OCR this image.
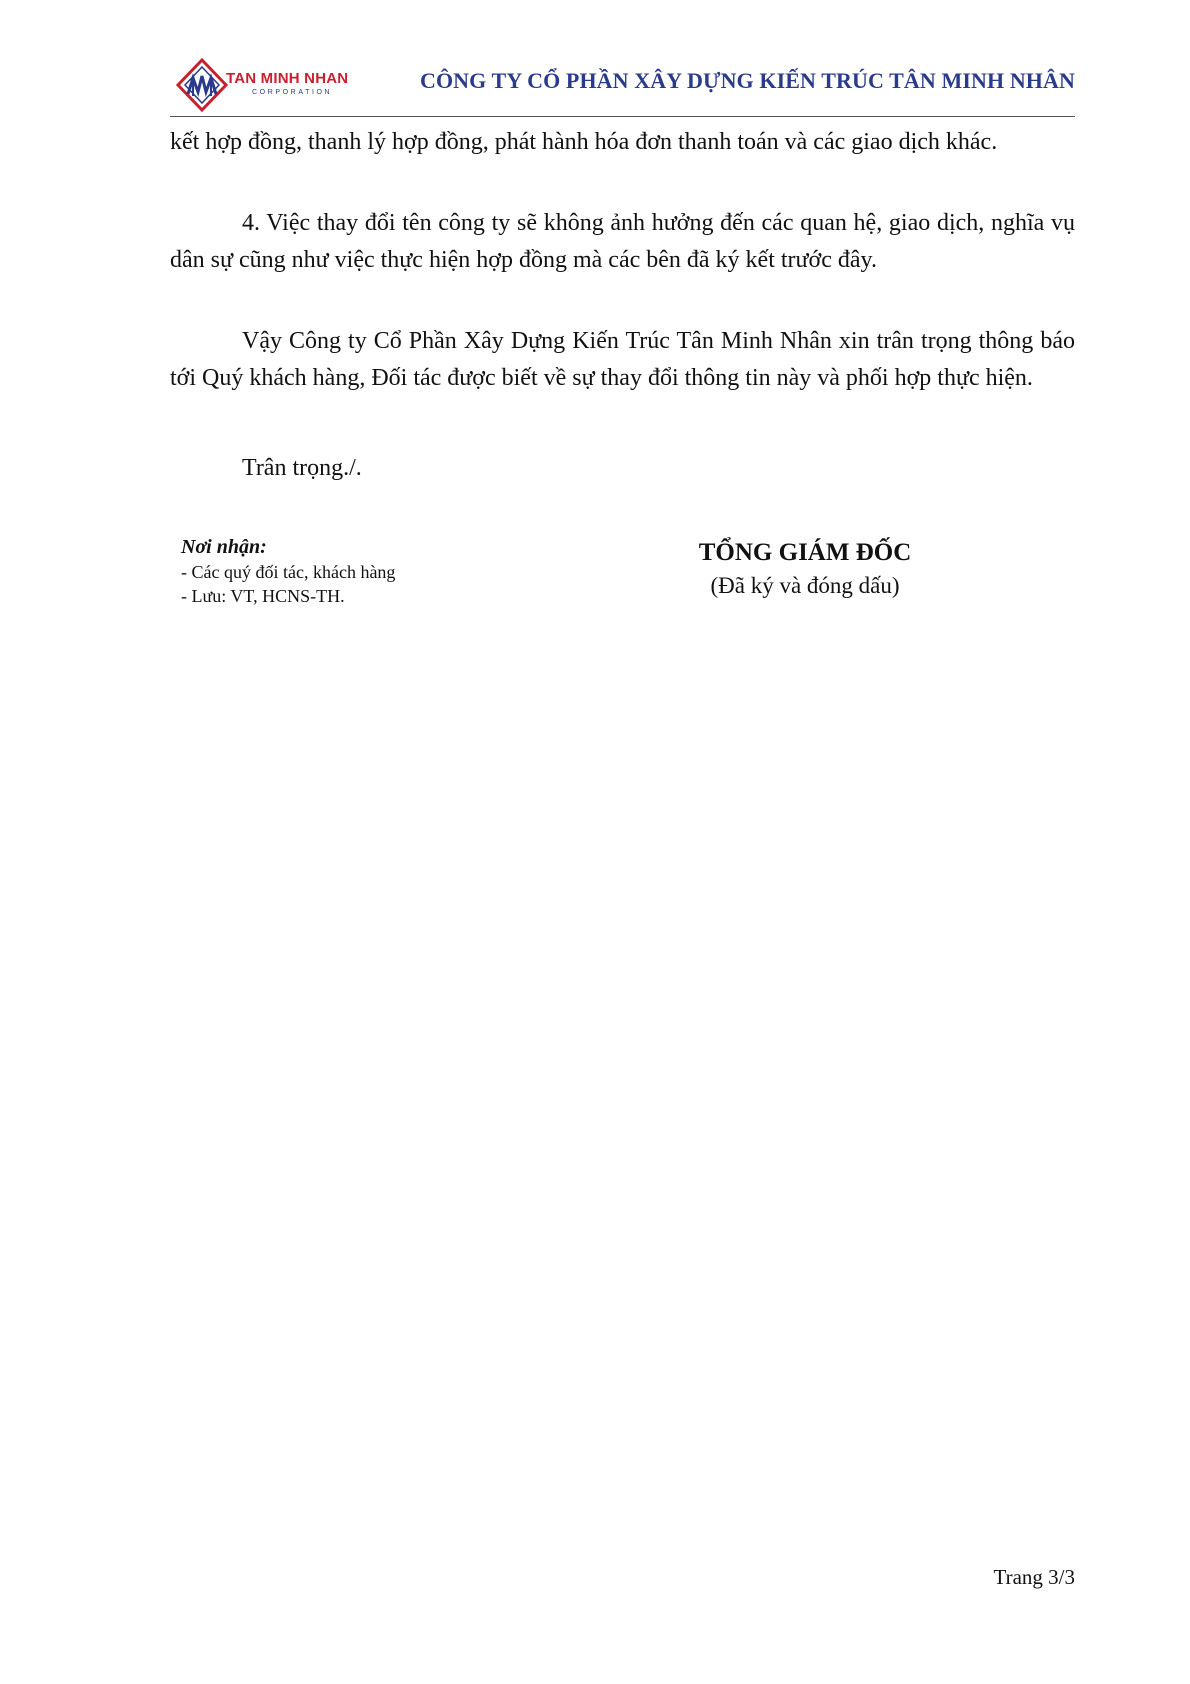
TAN MINH NHAN
CORPORATION	CÔNG TY CỔ PHẦN XÂY DỰNG KIẾN TRÚC TÂN MINH NHÂN

kết hợp đồng, thanh lý hợp đồng, phát hành hóa đơn thanh toán và các giao dịch khác.

4. Việc thay đổi tên công ty sẽ không ảnh hưởng đến các quan hệ, giao dịch, nghĩa vụ dân sự cũng như việc thực hiện hợp đồng mà các bên đã ký kết trước đây.

Vậy Công ty Cổ Phần Xây Dựng Kiến Trúc Tân Minh Nhân xin trân trọng thông báo tới Quý khách hàng, Đối tác được biết về sự thay đổi thông tin này và phối hợp thực hiện.

Trân trọng./.

Nơi nhận:
- Các quý đối tác, khách hàng
- Lưu: VT, HCNS-TH.
TỔNG GIÁM ĐỐC
(Đã ký và đóng dấu)
Trang 3/3
